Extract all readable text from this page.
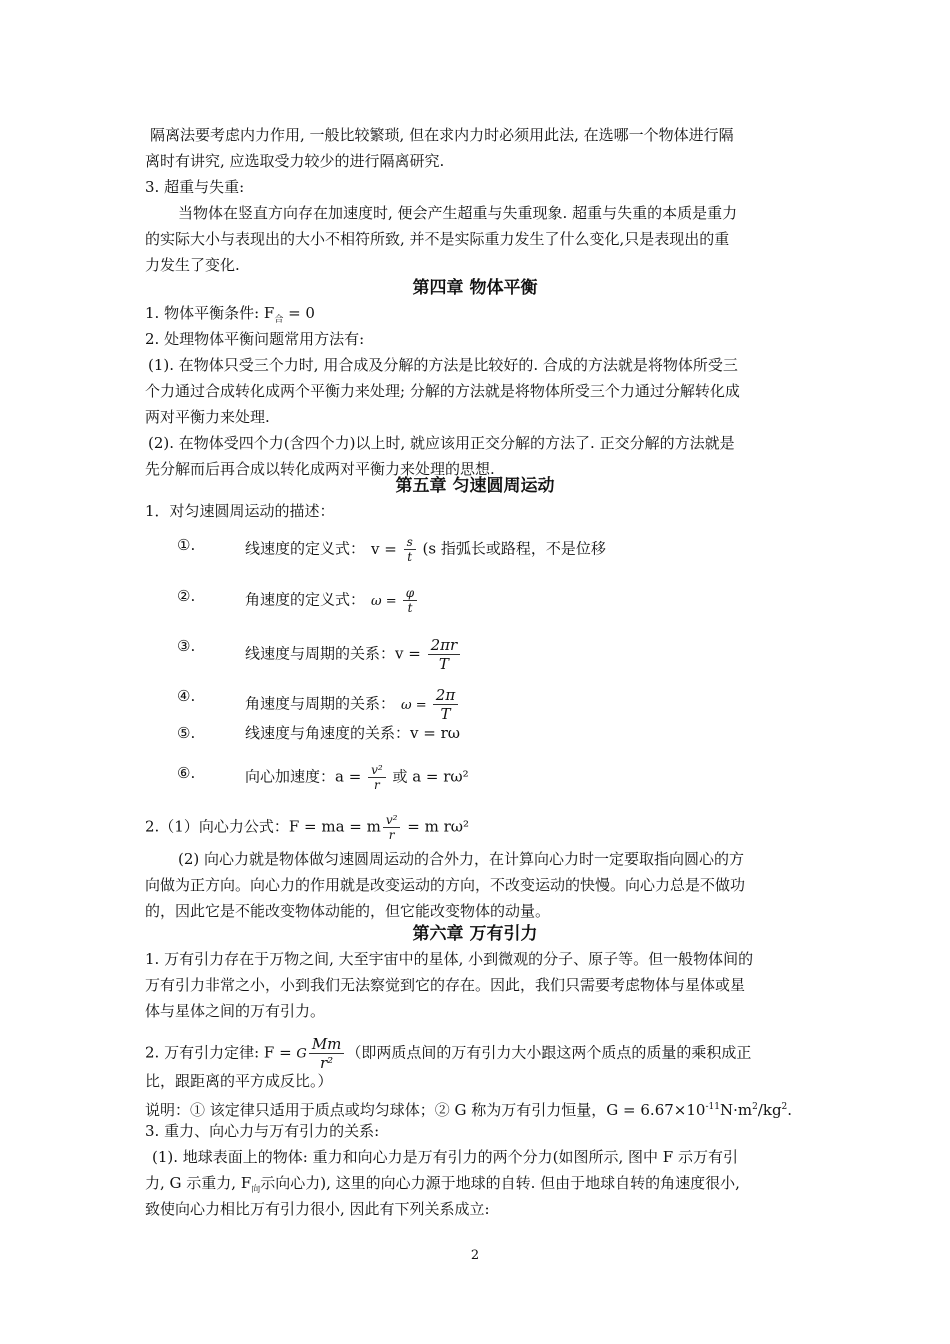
隔离法要考虑内力作用, 一般比较繁琐, 但在求内力时必须用此法, 在选哪一个物体进行隔
离时有讲究, 应选取受力较少的进行隔离研究.
3. 超重与失重:
当物体在竖直方向存在加速度时, 便会产生超重与失重现象. 超重与失重的本质是重力
的实际大小与表现出的大小不相符所致, 并不是实际重力发生了什么变化,只是表现出的重
力发生了变化.
第四章 物体平衡
1. 物体平衡条件: $F_合 = 0$
2. 处理物体平衡问题常用方法有:
(1). 在物体只受三个力时, 用合成及分解的方法是比较好的. 合成的方法就是将物体所受三
个力通过合成转化成两个平衡力来处理; 分解的方法就是将物体所受三个力通过分解转化成
两对平衡力来处理.
(2). 在物体受四个力(含四个力)以上时, 就应该用正交分解的方法了. 正交分解的方法就是
先分解而后再合成以转化成两对平衡力来处理的思想.
第五章 匀速圆周运动
1．对匀速圆周运动的描述：
①.	线速度的定义式： $v = \frac{s}{t} (s$ 指弧长或路程，不是位移
②.	角速度的定义式： $\omega = \frac{\varphi}{t}$
③.	线速度与周期的关系：$v = \frac{2\pi r}{T}$
④.	角速度与周期的关系： $\omega = \frac{2\pi}{T}$
⑤.	线速度与角速度的关系：v = rω
⑥.	向心加速度：$a = \frac{\text{v²}}{r}$ 或 a = rω²
2.（1）向心力公式：F = ma = m $\frac{\text{v²}}{r} = m$ rω²
(2) 向心力就是物体做匀速圆周运动的合外力，在计算向心力时一定要取指向圆心的方
向做为正方向。向心力的作用就是改变运动的方向，不改变运动的快慢。向心力总是不做功
的，因此它是不能改变物体动能的，但它能改变物体的动量。
第六章 万有引力
1. 万有引力存在于万物之间, 大至宇宙中的星体, 小到微观的分子、原子等。但一般物体间的
万有引力非常之小，小到我们无法察觉到它的存在。因此，我们只需要考虑物体与星体或星
体与星体之间的万有引力。
2. 万有引力定律: F = G $\frac{Mm}{\text{r²}}$ （即两质点间的万有引力大小跟这两个质点的质量的乘积成正
比，跟距离的平方成反比。）
说明：① 该定律只适用于质点或均匀球体；② G 称为万有引力恒量，$G = 6.67\times 10^{-11}N\cdot m^2/kg^2$.
3. 重力、向心力与万有引力的关系:
(1). 地球表面上的物体: 重力和向心力是万有引力的两个分力(如图所示, 图中 F 示万有引
力, G 示重力, $F_向$示向心力), 这里的向心力源于地球的自转. 但由于地球自转的角速度很小,
致使向心力相比万有引力很小, 因此有下列关系成立:
2
